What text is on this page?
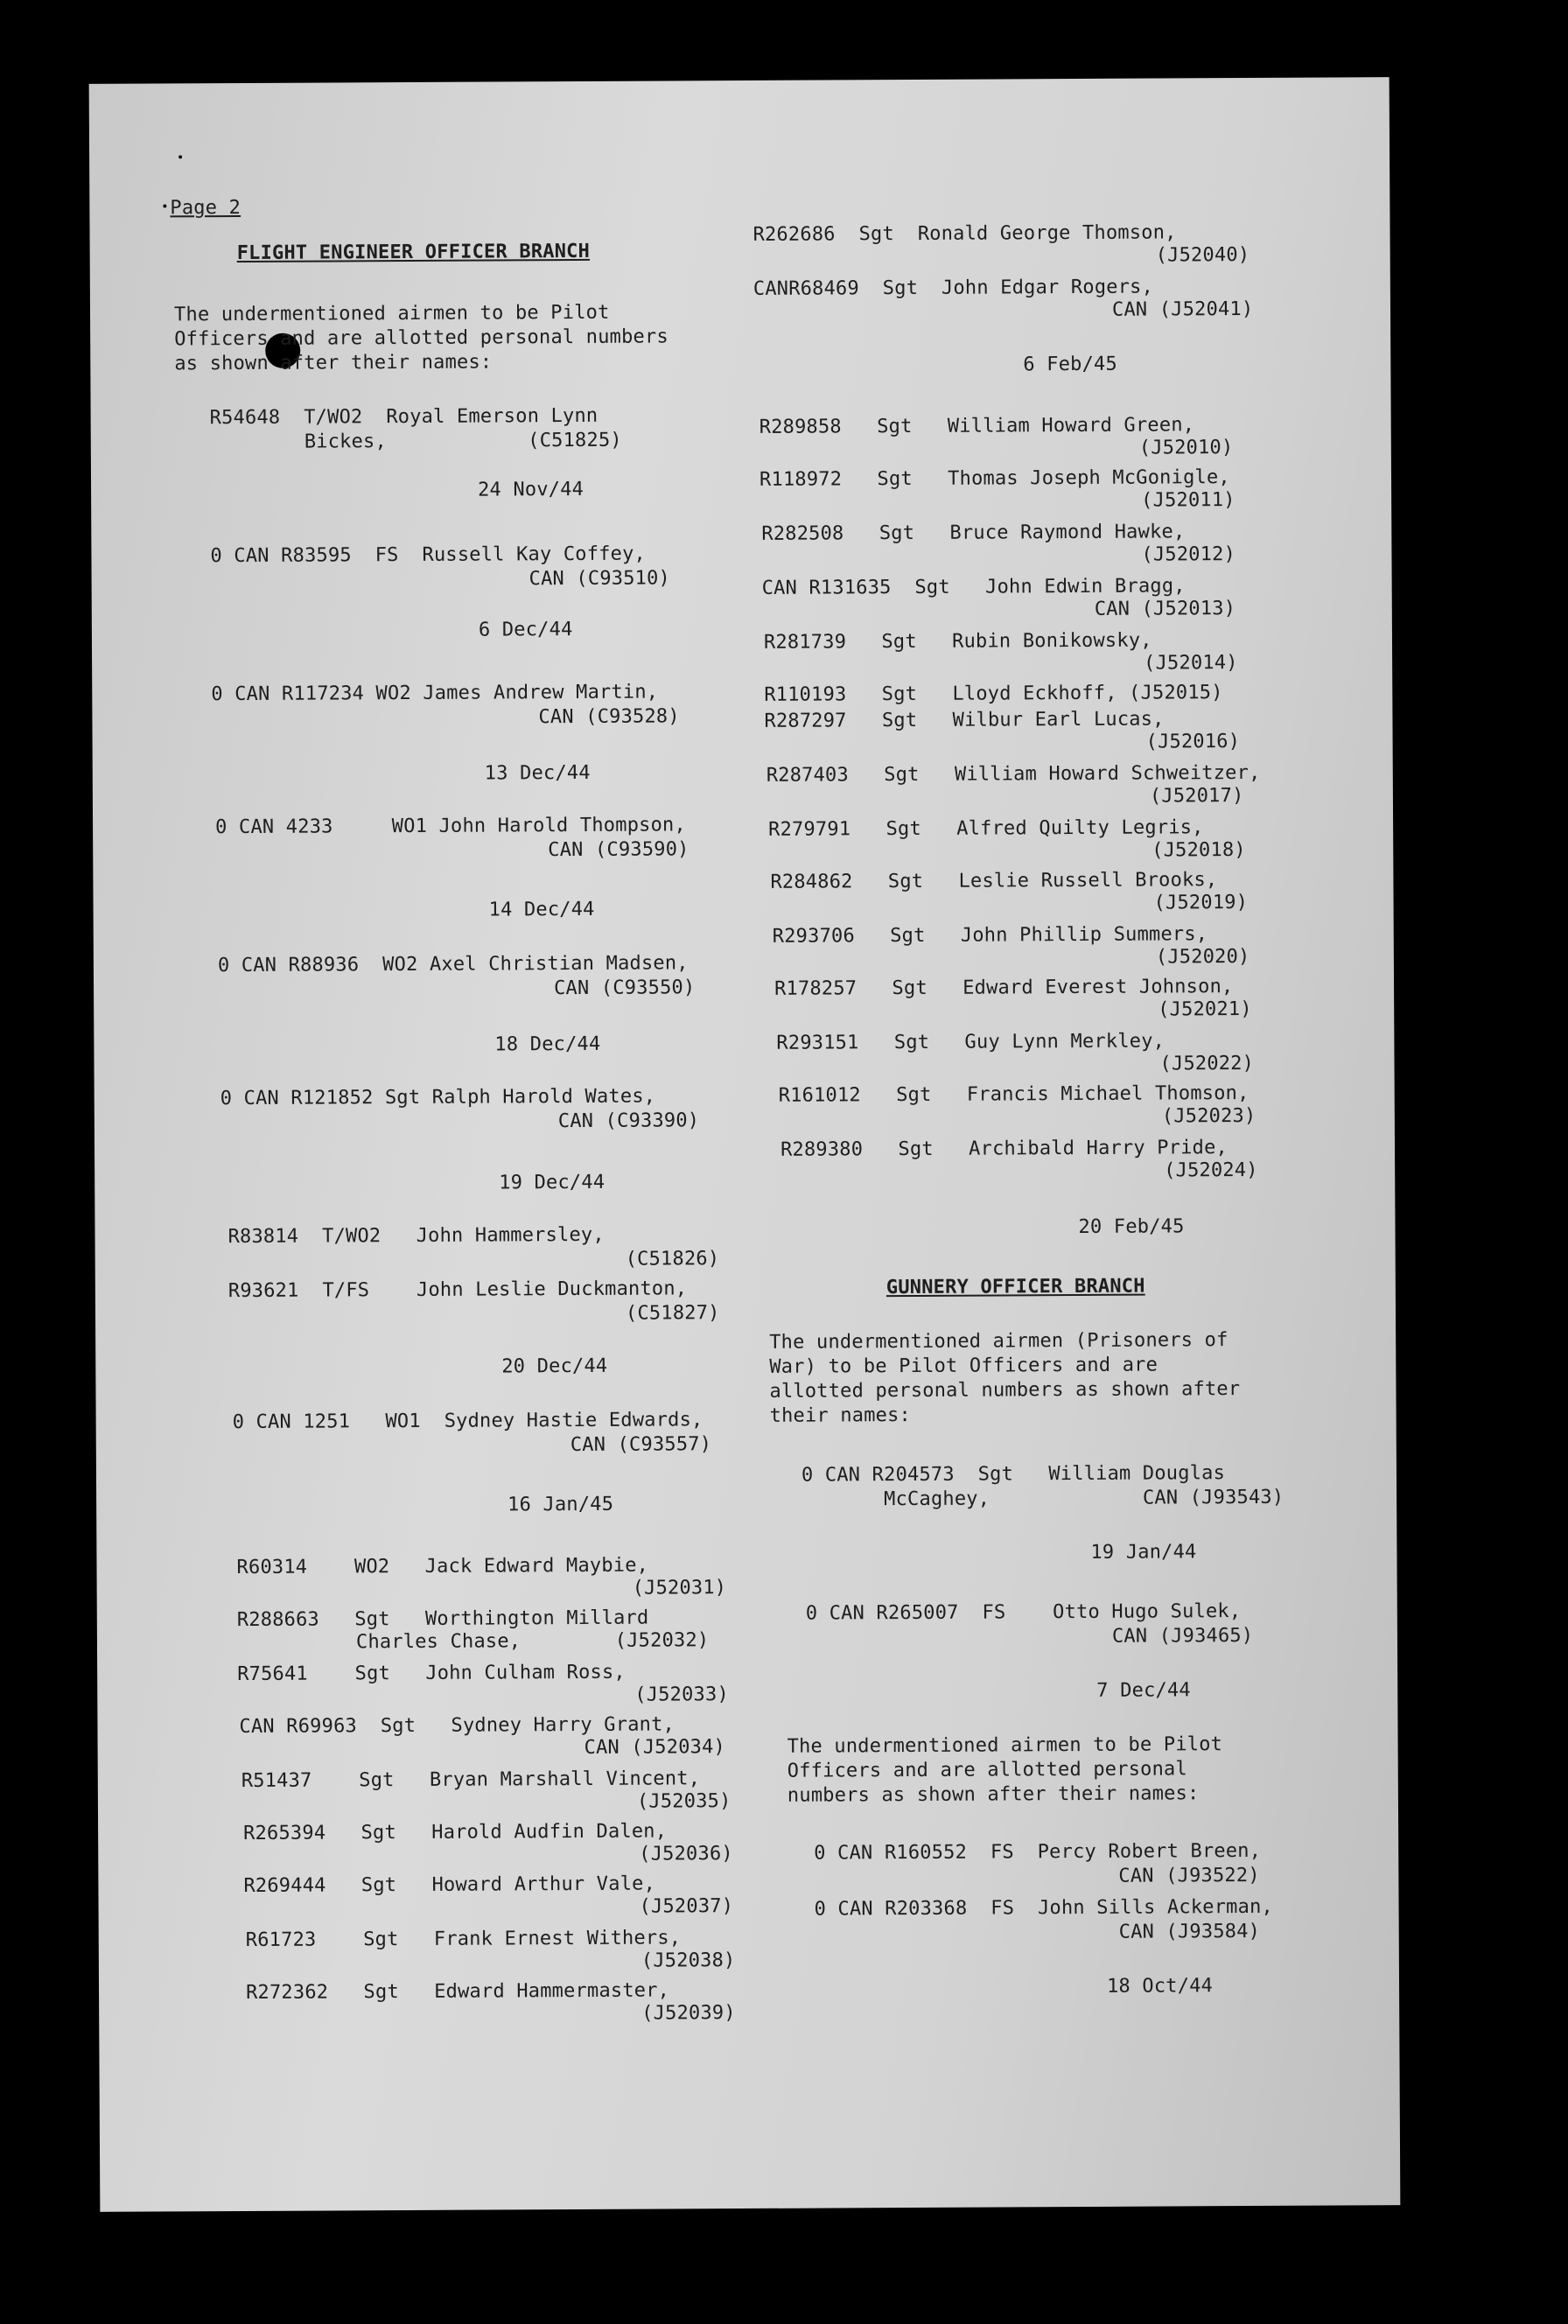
Page 2
FLIGHT ENGINEER OFFICER BRANCH
The undermentioned airmen to be Pilot
Officers and are allotted personal numbers
as shown after their names:
R54648  T/WO2  Royal Emerson Lynn
Bickes,            (C51825)
24 Nov/44
0 CAN R83595  FS  Russell Kay Coffey,
CAN (C93510)
6 Dec/44
0 CAN R117234 WO2 James Andrew Martin,
CAN (C93528)
13 Dec/44
0 CAN 4233     WO1 John Harold Thompson,
CAN (C93590)
14 Dec/44
0 CAN R88936  WO2 Axel Christian Madsen,
CAN (C93550)
18 Dec/44
0 CAN R121852 Sgt Ralph Harold Wates,
CAN (C93390)
19 Dec/44
R83814  T/WO2   John Hammersley,
(C51826)
R93621  T/FS    John Leslie Duckmanton,
(C51827)
20 Dec/44
0 CAN 1251   WO1  Sydney Hastie Edwards,
CAN (C93557)
16 Jan/45
R60314    WO2   Jack Edward Maybie,
(J52031)
R288663   Sgt   Worthington Millard
Charles Chase,        (J52032)
R75641    Sgt   John Culham Ross,
(J52033)
CAN R69963  Sgt   Sydney Harry Grant,
CAN (J52034)
R51437    Sgt   Bryan Marshall Vincent,
(J52035)
R265394   Sgt   Harold Audfin Dalen,
(J52036)
R269444   Sgt   Howard Arthur Vale,
(J52037)
R61723    Sgt   Frank Ernest Withers,
(J52038)
R272362   Sgt   Edward Hammermaster,
(J52039)
R262686  Sgt  Ronald George Thomson,
(J52040)
CANR68469  Sgt  John Edgar Rogers,
CAN (J52041)
6 Feb/45
R289858   Sgt   William Howard Green,
(J52010)
R118972   Sgt   Thomas Joseph McGonigle,
(J52011)
R282508   Sgt   Bruce Raymond Hawke,
(J52012)
CAN R131635  Sgt   John Edwin Bragg,
CAN (J52013)
R281739   Sgt   Rubin Bonikowsky,
(J52014)
R110193   Sgt   Lloyd Eckhoff, (J52015)
R287297   Sgt   Wilbur Earl Lucas,
(J52016)
R287403   Sgt   William Howard Schweitzer,
(J52017)
R279791   Sgt   Alfred Quilty Legris,
(J52018)
R284862   Sgt   Leslie Russell Brooks,
(J52019)
R293706   Sgt   John Phillip Summers,
(J52020)
R178257   Sgt   Edward Everest Johnson,
(J52021)
R293151   Sgt   Guy Lynn Merkley,
(J52022)
R161012   Sgt   Francis Michael Thomson,
(J52023)
R289380   Sgt   Archibald Harry Pride,
(J52024)
20 Feb/45
GUNNERY OFFICER BRANCH
The undermentioned airmen (Prisoners of
War) to be Pilot Officers and are
allotted personal numbers as shown after
their names:
0 CAN R204573  Sgt   William Douglas
McCaghey,             CAN (J93543)
19 Jan/44
0 CAN R265007  FS    Otto Hugo Sulek,
CAN (J93465)
7 Dec/44
The undermentioned airmen to be Pilot
Officers and are allotted personal
numbers as shown after their names:
0 CAN R160552  FS  Percy Robert Breen,
CAN (J93522)
0 CAN R203368  FS  John Sills Ackerman,
CAN (J93584)
18 Oct/44
